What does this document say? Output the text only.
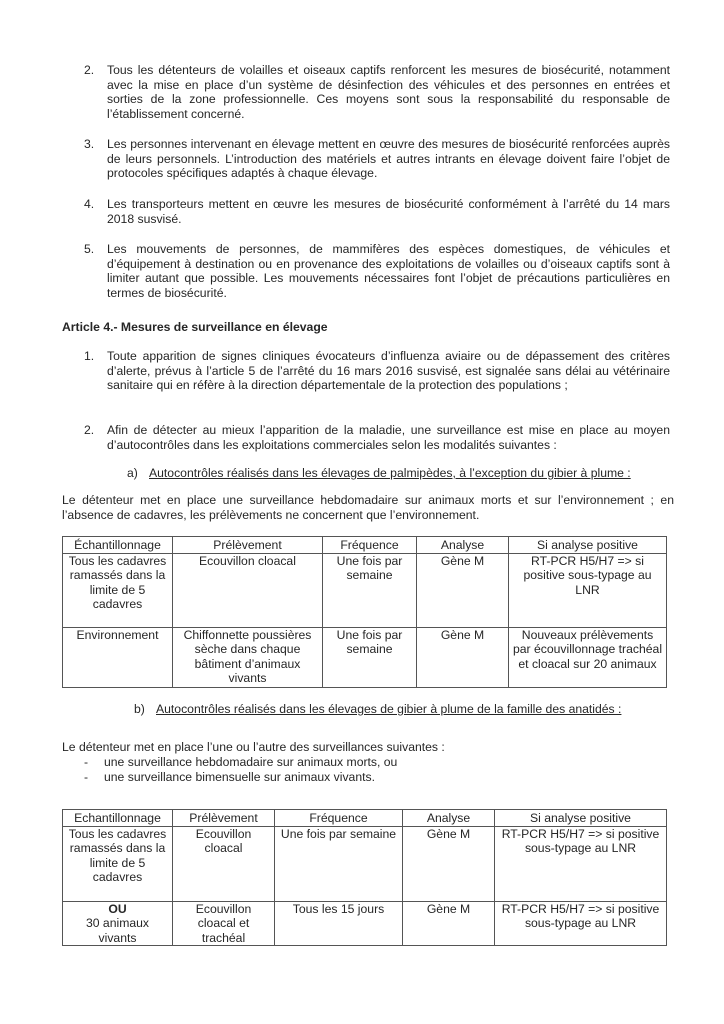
2.	Tous les détenteurs de volailles et oiseaux captifs renforcent les mesures de biosécurité, notamment avec la mise en place d’un système de désinfection des véhicules et des personnes en entrées et sorties de la zone professionnelle. Ces moyens sont sous la responsabilité du responsable de l’établissement concerné.
3.	Les personnes intervenant en élevage mettent en œuvre des mesures de biosécurité renforcées auprès de leurs personnels. L’introduction des matériels et autres intrants en élevage doivent faire l’objet de protocoles spécifiques adaptés à chaque élevage.
4.	Les transporteurs mettent en œuvre les mesures de biosécurité conformément à l’arrêté du 14 mars 2018 susvisé.
5.	Les mouvements de personnes, de mammifères des espèces domestiques, de véhicules et d’équipement à destination ou en provenance des exploitations de volailles ou d’oiseaux captifs sont à limiter autant que possible. Les mouvements nécessaires font l’objet de précautions particulières en termes de biosécurité.
Article 4.- Mesures de surveillance en élevage
1.	Toute apparition de signes cliniques évocateurs d’influenza aviaire ou de dépassement des critères d’alerte, prévus à l’article 5 de l’arrêté du 16 mars 2016 susvisé, est signalée sans délai au vétérinaire sanitaire qui en réfère à la direction départementale de la protection des populations ;
2.	Afin de détecter au mieux l’apparition de la maladie, une surveillance est mise en place au moyen d’autocontrôles dans les exploitations commerciales selon les modalités suivantes :
a) Autocontrôles réalisés dans les élevages de palmipèdes, à l’exception du gibier à plume :
Le détenteur met en place une surveillance hebdomadaire sur animaux morts et sur l’environnement ; en l’absence de cadavres, les prélèvements ne concernent que l’environnement.
Échantillonnage	Prélèvement	Fréquence	Analyse	Si analyse positive
Tous les cadavres ramassés dans la limite de 5 cadavres	Ecouvillon cloacal	Une fois par semaine	Gène M	RT-PCR H5/H7 => si positive sous-typage au LNR
Environnement	Chiffonnette poussières sèche dans chaque bâtiment d’animaux vivants	Une fois par semaine	Gène M	Nouveaux prélèvements par écouvillonnage trachéal et cloacal sur 20 animaux
b) Autocontrôles réalisés dans les élevages de gibier à plume de la famille des anatidés :
Le détenteur met en place l’une ou l’autre des surveillances suivantes :
- une surveillance hebdomadaire sur animaux morts, ou
- une surveillance bimensuelle sur animaux vivants.
Echantillonnage	Prélèvement	Fréquence	Analyse	Si analyse positive
Tous les cadavres ramassés dans la limite de 5 cadavres	Ecouvillon cloacal	Une fois par semaine	Gène M	RT-PCR H5/H7 => si positive sous-typage au LNR

OU
30 animaux vivants	Ecouvillon cloacal et trachéal	Tous les 15 jours	Gène M	RT-PCR H5/H7 => si positive sous-typage au LNR
